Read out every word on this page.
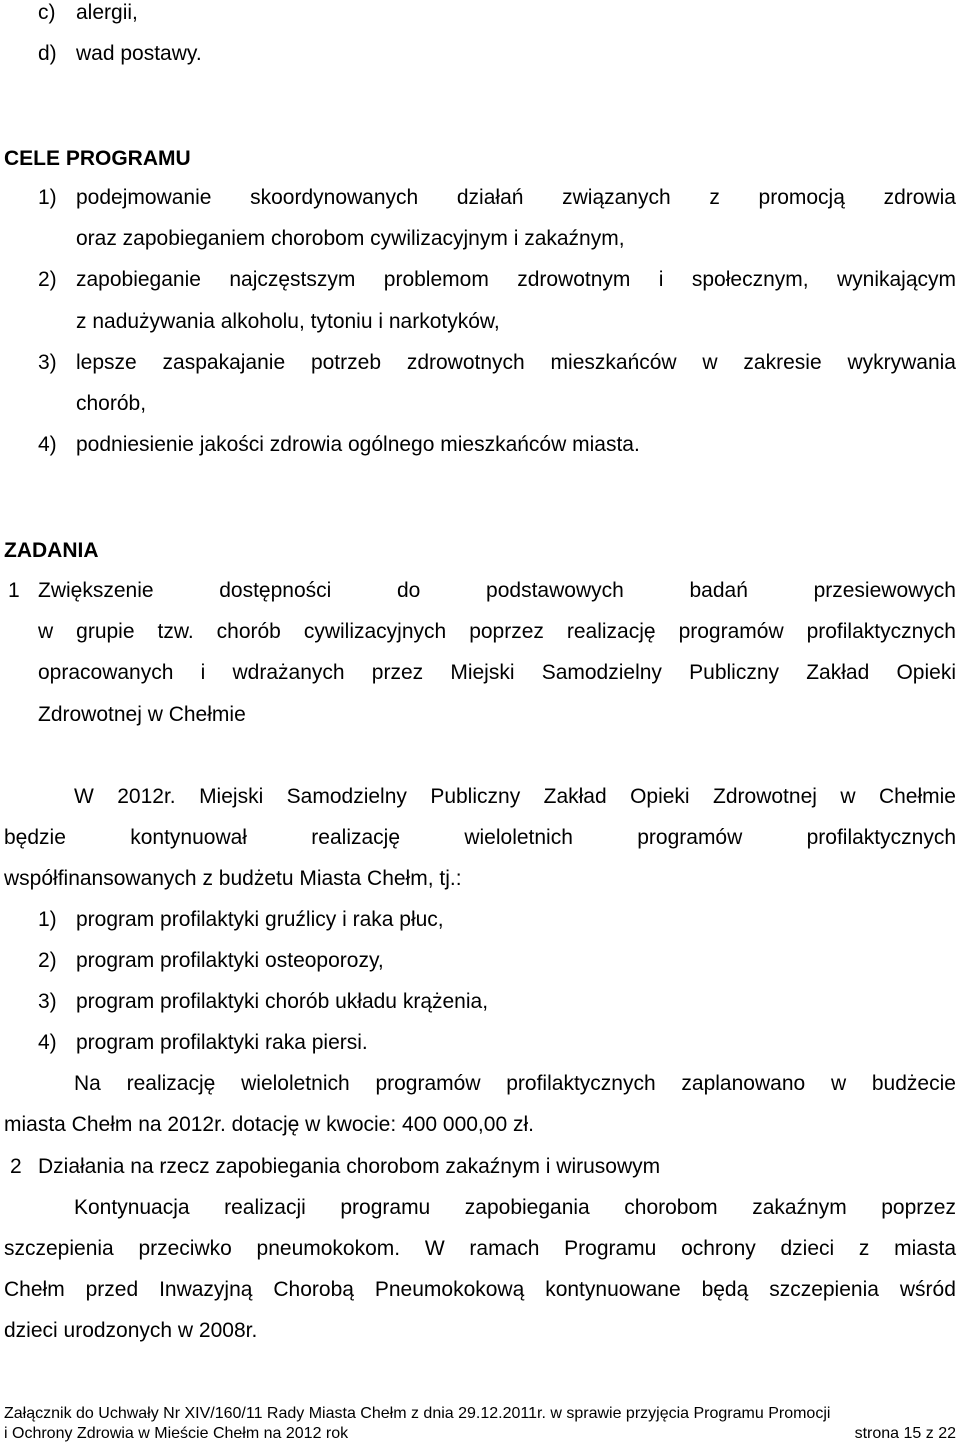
c) alergii,
d) wad postawy.
CELE PROGRAMU
1) podejmowanie skoordynowanych działań związanych z promocją zdrowia
oraz zapobieganiem chorobom cywilizacyjnym i zakaźnym,
2) zapobieganie najczęstszym problemom zdrowotnym i społecznym, wynikającym
z nadużywania alkoholu, tytoniu i narkotyków,
3) lepsze zaspakajanie potrzeb zdrowotnych mieszkańców w zakresie wykrywania
chorób,
4) podniesienie jakości zdrowia ogólnego mieszkańców miasta.
ZADANIA
1 Zwiększenie	dostępności	do	podstawowych	badań	przesiewowych
w grupie tzw. chorób cywilizacyjnych poprzez realizację programów profilaktycznych
opracowanych i wdrażanych przez Miejski Samodzielny Publiczny Zakład Opieki
Zdrowotnej w Chełmie
W 2012r. Miejski Samodzielny Publiczny Zakład Opieki Zdrowotnej w Chełmie
będzie	kontynuował	realizację	wieloletnich	programów	profilaktycznych
współfinansowanych z budżetu Miasta Chełm, tj.:
1) program profilaktyki gruźlicy i raka płuc,
2) program profilaktyki osteoporozy,
3) program profilaktyki chorób układu krążenia,
4) program profilaktyki raka piersi.
Na realizację wieloletnich programów profilaktycznych zaplanowano w budżecie
miasta Chełm na 2012r. dotację w kwocie: 400 000,00 zł.
2 Działania na rzecz zapobiegania chorobom zakaźnym i wirusowym
Kontynuacja realizacji programu zapobiegania chorobom zakaźnym poprzez
szczepienia przeciwko pneumokokom. W ramach Programu ochrony dzieci z miasta
Chełm przed Inwazyjną Chorobą Pneumokokową kontynuowane będą szczepienia wśród
dzieci urodzonych w 2008r.
Załącznik do Uchwały Nr XIV/160/11 Rady Miasta Chełm z dnia 29.12.2011r. w sprawie przyjęcia Programu Promocji
i Ochrony Zdrowia w Mieście Chełm na 2012 rok	strona 15 z 22
